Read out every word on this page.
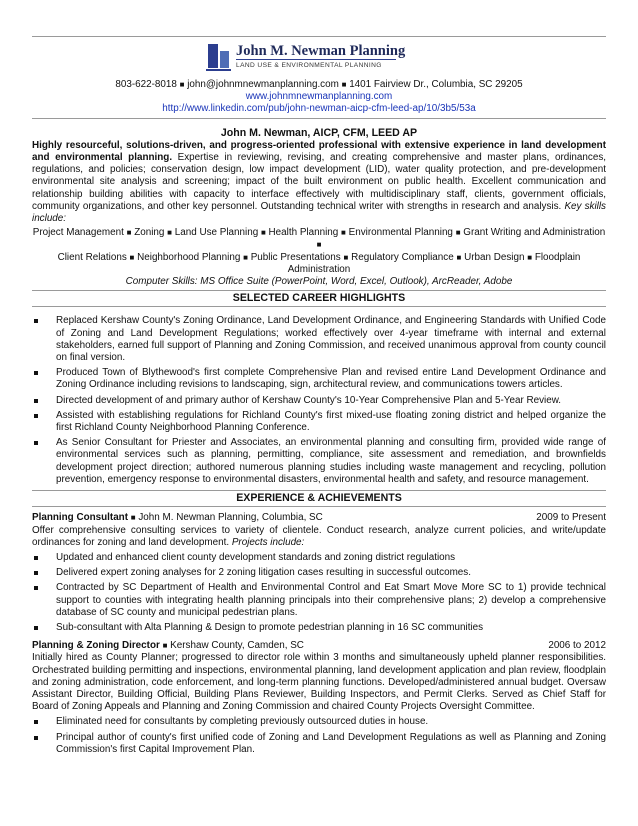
John M. Newman Planning
LAND USE & ENVIRONMENTAL PLANNING
803-622-8018 ■ john@johnmnewmanplanning.com ■ 1401 Fairview Dr., Columbia, SC 29205
www.johnmnewmanplanning.com
http://www.linkedin.com/pub/john-newman-aicp-cfm-leed-ap/10/3b5/53a
John M. Newman, AICP, CFM, LEED AP

Highly resourceful, solutions-driven, and progress-oriented professional with extensive experience in land development and environmental planning. Expertise in reviewing, revising, and creating comprehensive and master plans, ordinances, regulations, and policies; conservation design, low impact development (LID), water quality protection, and pre-development environmental site analysis and screening; impact of the built environment on public health. Excellent communication and relationship building abilities with capacity to interface effectively with multidisciplinary staff, clients, government officials, community organizations, and other key personnel. Outstanding technical writer with strengths in research and analysis. Key skills include:

Project Management ■ Zoning ■ Land Use Planning ■ Health Planning ■ Environmental Planning ■ Grant Writing and Administration ■
Client Relations ■ Neighborhood Planning ■ Public Presentations ■ Regulatory Compliance ■ Urban Design ■ Floodplain
Administration
Computer Skills: MS Office Suite (PowerPoint, Word, Excel, Outlook), ArcReader, Adobe
SELECTED CAREER HIGHLIGHTS
Replaced Kershaw County's Zoning Ordinance, Land Development Ordinance, and Engineering Standards with Unified Code of Zoning and Land Development Regulations; worked effectively over 4-year timeframe with internal and external stakeholders, earned full support of Planning and Zoning Commission, and received unanimous approval from county council on final version.
Produced Town of Blythewood's first complete Comprehensive Plan and revised entire Land Development Ordinance and Zoning Ordinance including revisions to landscaping, sign, architectural review, and communications towers articles.
Directed development of and primary author of Kershaw County's 10-Year Comprehensive Plan and 5-Year Review.
Assisted with establishing regulations for Richland County's first mixed-use floating zoning district and helped organize the first Richland County Neighborhood Planning Conference.
As Senior Consultant for Priester and Associates, an environmental planning and consulting firm, provided wide range of environmental services such as planning, permitting, compliance, site assessment and remediation, and brownfields development project direction; authored numerous planning studies including waste management and recycling, pollution prevention, emergency response to environmental disasters, environmental health and safety, and resource management.
EXPERIENCE & ACHIEVEMENTS
Planning Consultant ■ John M. Newman Planning, Columbia, SC	2009 to Present

Offer comprehensive consulting services to variety of clientele. Conduct research, analyze current policies, and write/update ordinances for zoning and land development. Projects include:

Updated and enhanced client county development standards and zoning district regulations
Delivered expert zoning analyses for 2 zoning litigation cases resulting in successful outcomes.
Contracted by SC Department of Health and Environmental Control and Eat Smart Move More SC to 1) provide technical support to counties with integrating health planning principals into their comprehensive plans; 2) develop a comprehensive database of SC county and municipal pedestrian plans.
Sub-consultant with Alta Planning & Design to promote pedestrian planning in 16 SC communities
Planning & Zoning Director ■ Kershaw County, Camden, SC	2006 to 2012

Initially hired as County Planner; progressed to director role within 3 months and simultaneously upheld planner responsibilities. Orchestrated building permitting and inspections, environmental planning, land development application and plan review, floodplain and zoning administration, code enforcement, and long-term planning functions. Developed/administered annual budget. Oversaw Assistant Director, Building Official, Building Plans Reviewer, Building Inspectors, and Permit Clerks. Served as Chief Staff for Board of Zoning Appeals and Planning and Zoning Commission and chaired County Projects Oversight Committee.

Eliminated need for consultants by completing previously outsourced duties in house.
Principal author of county's first unified code of Zoning and Land Development Regulations as well as Planning and Zoning Commission's first Capital Improvement Plan.
